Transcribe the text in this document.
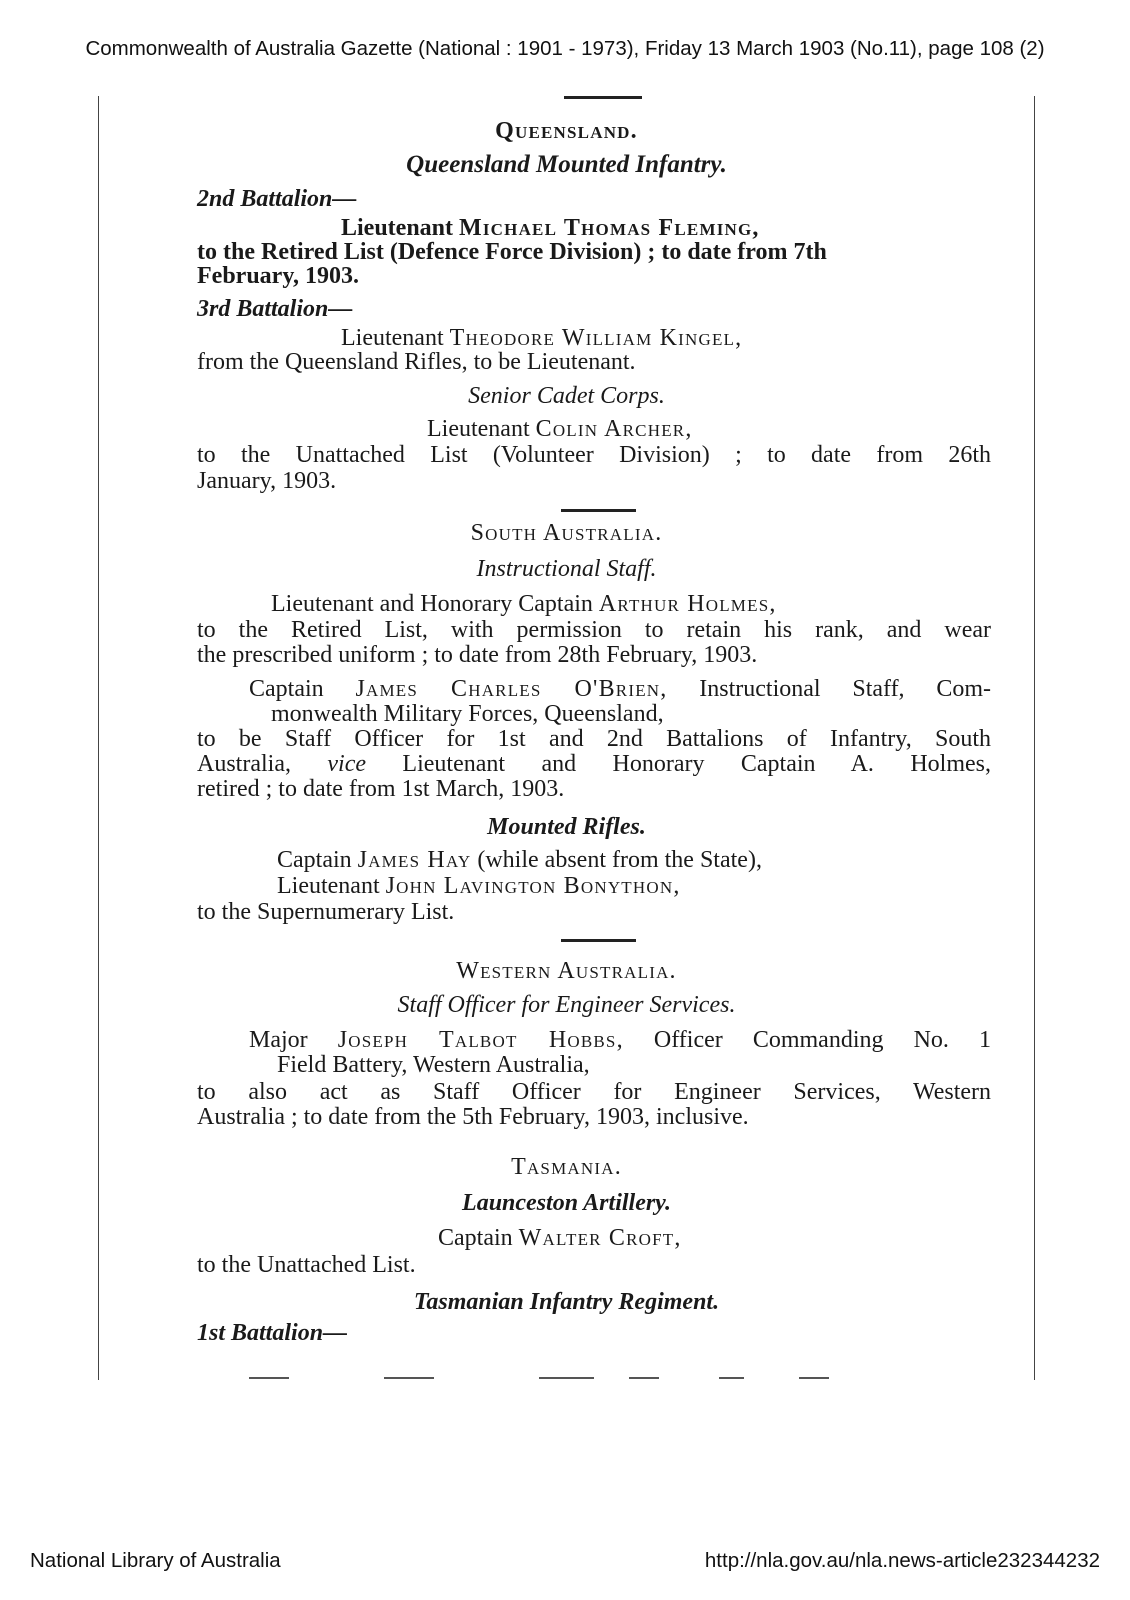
Commonwealth of Australia Gazette (National : 1901 - 1973), Friday 13 March 1903 (No.11), page 108 (2)
Queensland.
Queensland Mounted Infantry.
2nd Battalion—
Lieutenant Michael Thomas Fleming,
to the Retired List (Defence Force Division) ; to date from 7th
February, 1903.
3rd Battalion—
Lieutenant Theodore William Kingel,
from the Queensland Rifles, to be Lieutenant.
Senior Cadet Corps.
Lieutenant Colin Archer,
to the Unattached List (Volunteer Division) ; to date from 26th
January, 1903.
South Australia.
Instructional Staff.
Lieutenant and Honorary Captain Arthur Holmes,
to the Retired List, with permission to retain his rank, and wear
the prescribed uniform ; to date from 28th February, 1903.
Captain James Charles O'Brien, Instructional Staff, Com-
monwealth Military Forces, Queensland,
to be Staff Officer for 1st and 2nd Battalions of Infantry, South
Australia, vice Lieutenant and Honorary Captain A. Holmes,
retired ; to date from 1st March, 1903.
Mounted Rifles.
Captain James Hay (while absent from the State),
Lieutenant John Lavington Bonython,
to the Supernumerary List.
Western Australia.
Staff Officer for Engineer Services.
Major Joseph Talbot Hobbs, Officer Commanding No. 1
Field Battery, Western Australia,
to also act as Staff Officer for Engineer Services, Western
Australia ; to date from the 5th February, 1903, inclusive.
Tasmania.
Launceston Artillery.
Captain Walter Croft,
to the Unattached List.
Tasmanian Infantry Regiment.
1st Battalion—
National Library of Australia	http://nla.gov.au/nla.news-article232344232
